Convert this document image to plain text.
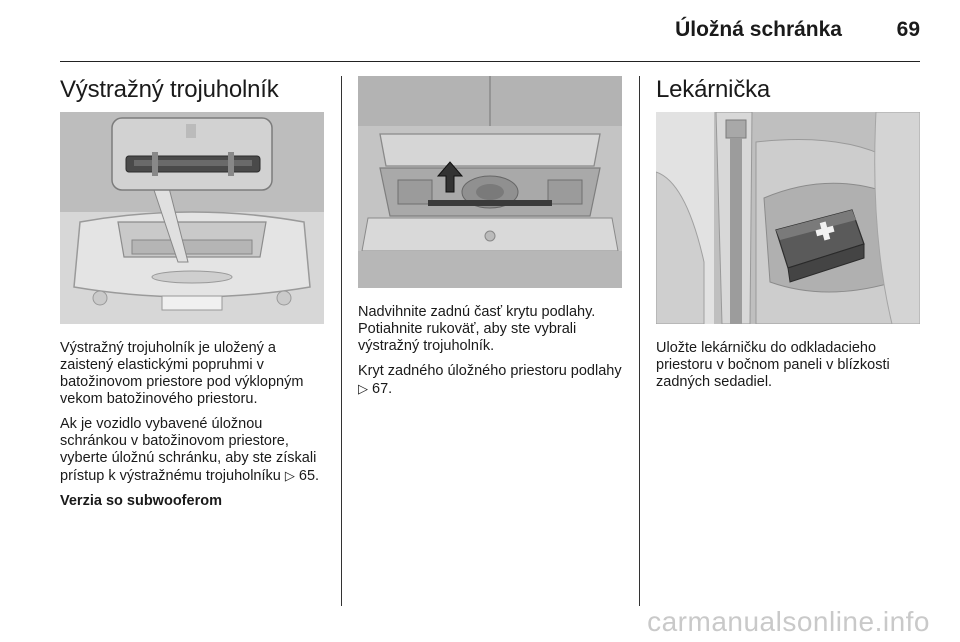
Úložná schránka	69
Výstražný trojuholník

Výstražný trojuholník je uložený a zaistený elastickými popruhmi v batožinovom priestore pod výklopným vekom batožinového priestoru.

Ak je vozidlo vybavené úložnou schránkou v batožinovom priestore, vyberte úložnú schránku, aby ste získali prístup k výstražnému trojuholníku ▷ 65.

Verzia so subwooferom

Nadvihnite zadnú časť krytu podlahy. Potiahnite rukoväť, aby ste vybrali výstražný trojuholník.

Kryt zadného úložného priestoru podlahy ▷ 67.

Lekárnička

Uložte lekárničku do odkladacieho priestoru v bočnom paneli v blízkosti zadných sedadiel.

carmanualsonline.info
